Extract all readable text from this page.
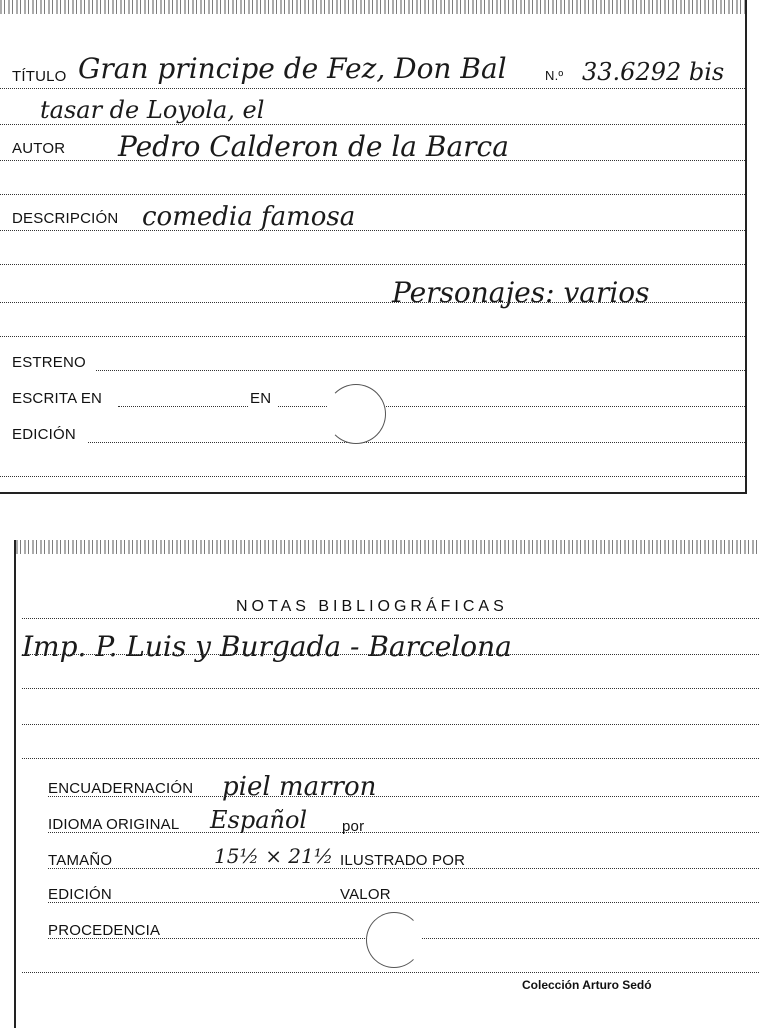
TÍTULO Gran principe de Fez, Don Bal	N.º 33.6292 bis
tasar de Loyola, el
AUTOR Pedro Calderon de la Barca
DESCRIPCIÓN comedia famosa
Personajes: varios
ESTRENO
ESCRITA EN	EN
EDICIÓN
NOTAS BIBLIOGRÁFICAS
Imp. P. Luis y Burgada - Barcelona
ENCUADERNACIÓN piel marron
IDIOMA ORIGINAL Español por
TAMAÑO	15½ × 21½ ILUSTRADO POR
EDICIÓN	VALOR
PROCEDENCIA
Colección Arturo Sedó
